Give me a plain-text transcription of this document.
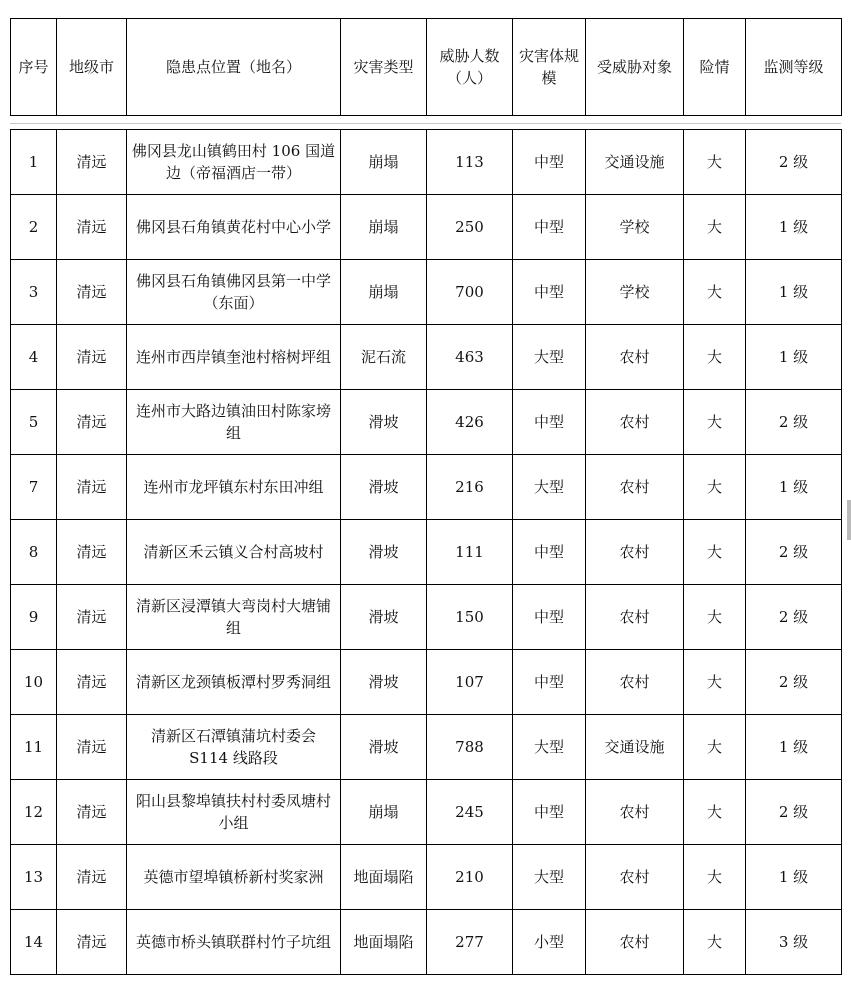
序号	地级市	隐患点位置（地名）	灾害类型	威胁人数（人）	灾害体规模	受威胁对象	险情	监测等级
1	清远	佛冈县龙山镇鹤田村 106 国道边（帝福酒店一带）	崩塌	113	中型	交通设施	大	2 级
2	清远	佛冈县石角镇黄花村中心小学	崩塌	250	中型	学校	大	1 级
3	清远	佛冈县石角镇佛冈县第一中学（东面）	崩塌	700	中型	学校	大	1 级
4	清远	连州市西岸镇奎池村榕树坪组	泥石流	463	大型	农村	大	1 级
5	清远	连州市大路边镇油田村陈家塝组	滑坡	426	中型	农村	大	2 级
7	清远	连州市龙坪镇东村东田冲组	滑坡	216	大型	农村	大	1 级
8	清远	清新区禾云镇义合村高坡村	滑坡	111	中型	农村	大	2 级
9	清远	清新区浸潭镇大弯岗村大塘铺组	滑坡	150	中型	农村	大	2 级
10	清远	清新区龙颈镇板潭村罗秀洞组	滑坡	107	中型	农村	大	2 级
11	清远	清新区石潭镇蒲坑村委会 S114 线路段	滑坡	788	大型	交通设施	大	1 级
12	清远	阳山县黎埠镇扶村村委凤塘村小组	崩塌	245	中型	农村	大	2 级
13	清远	英德市望埠镇桥新村奖家洲	地面塌陷	210	大型	农村	大	1 级
14	清远	英德市桥头镇联群村竹子坑组	地面塌陷	277	小型	农村	大	3 级
